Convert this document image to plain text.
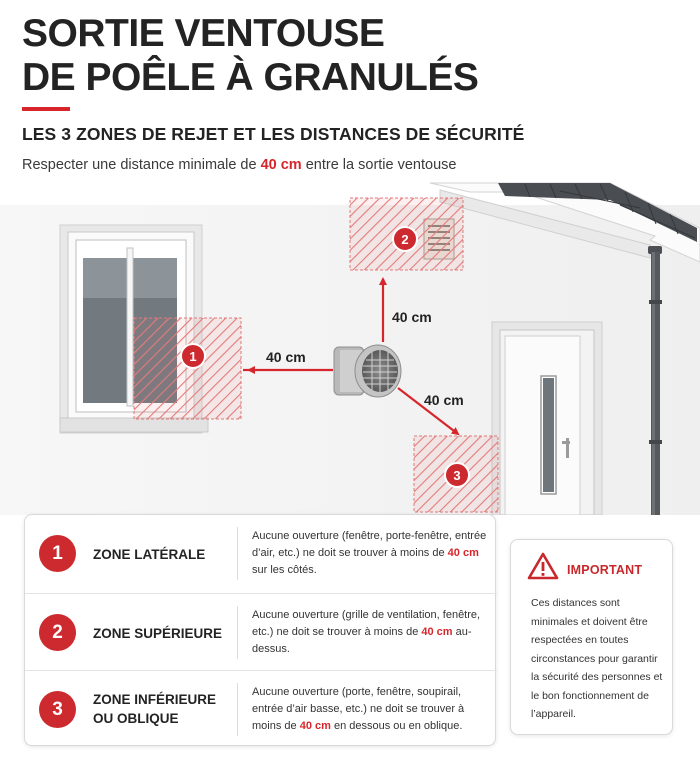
SORTIE VENTOUSE
DE POÊLE À GRANULÉS
LES 3 ZONES DE REJET ET LES DISTANCES DE SÉCURITÉ
Respecter une distance minimale de 40 cm entre la sortie ventouse
40 cm
40 cm
40 cm
1
2
3
1	ZONE LATÉRALE
Aucune ouverture (fenêtre, porte-fenêtre, entrée d’air, etc.) ne doit se trouver à moins de 40 cm sur les côtés.
2	ZONE SUPÉRIEURE
Aucune ouverture (grille de ventilation, fenêtre, etc.) ne doit se trouver à moins de 40 cm au-dessus.
3	ZONE INFÉRIEURE
OU OBLIQUE
Aucune ouverture (porte, fenêtre, soupirail, entrée d’air basse, etc.) ne doit se trouver à moins de 40 cm en dessous ou en oblique.
IMPORTANT
Ces distances sont minimales et doivent être respectées en toutes circonstances pour garantir la sécurité des personnes et le bon fonctionnement de l’appareil.
